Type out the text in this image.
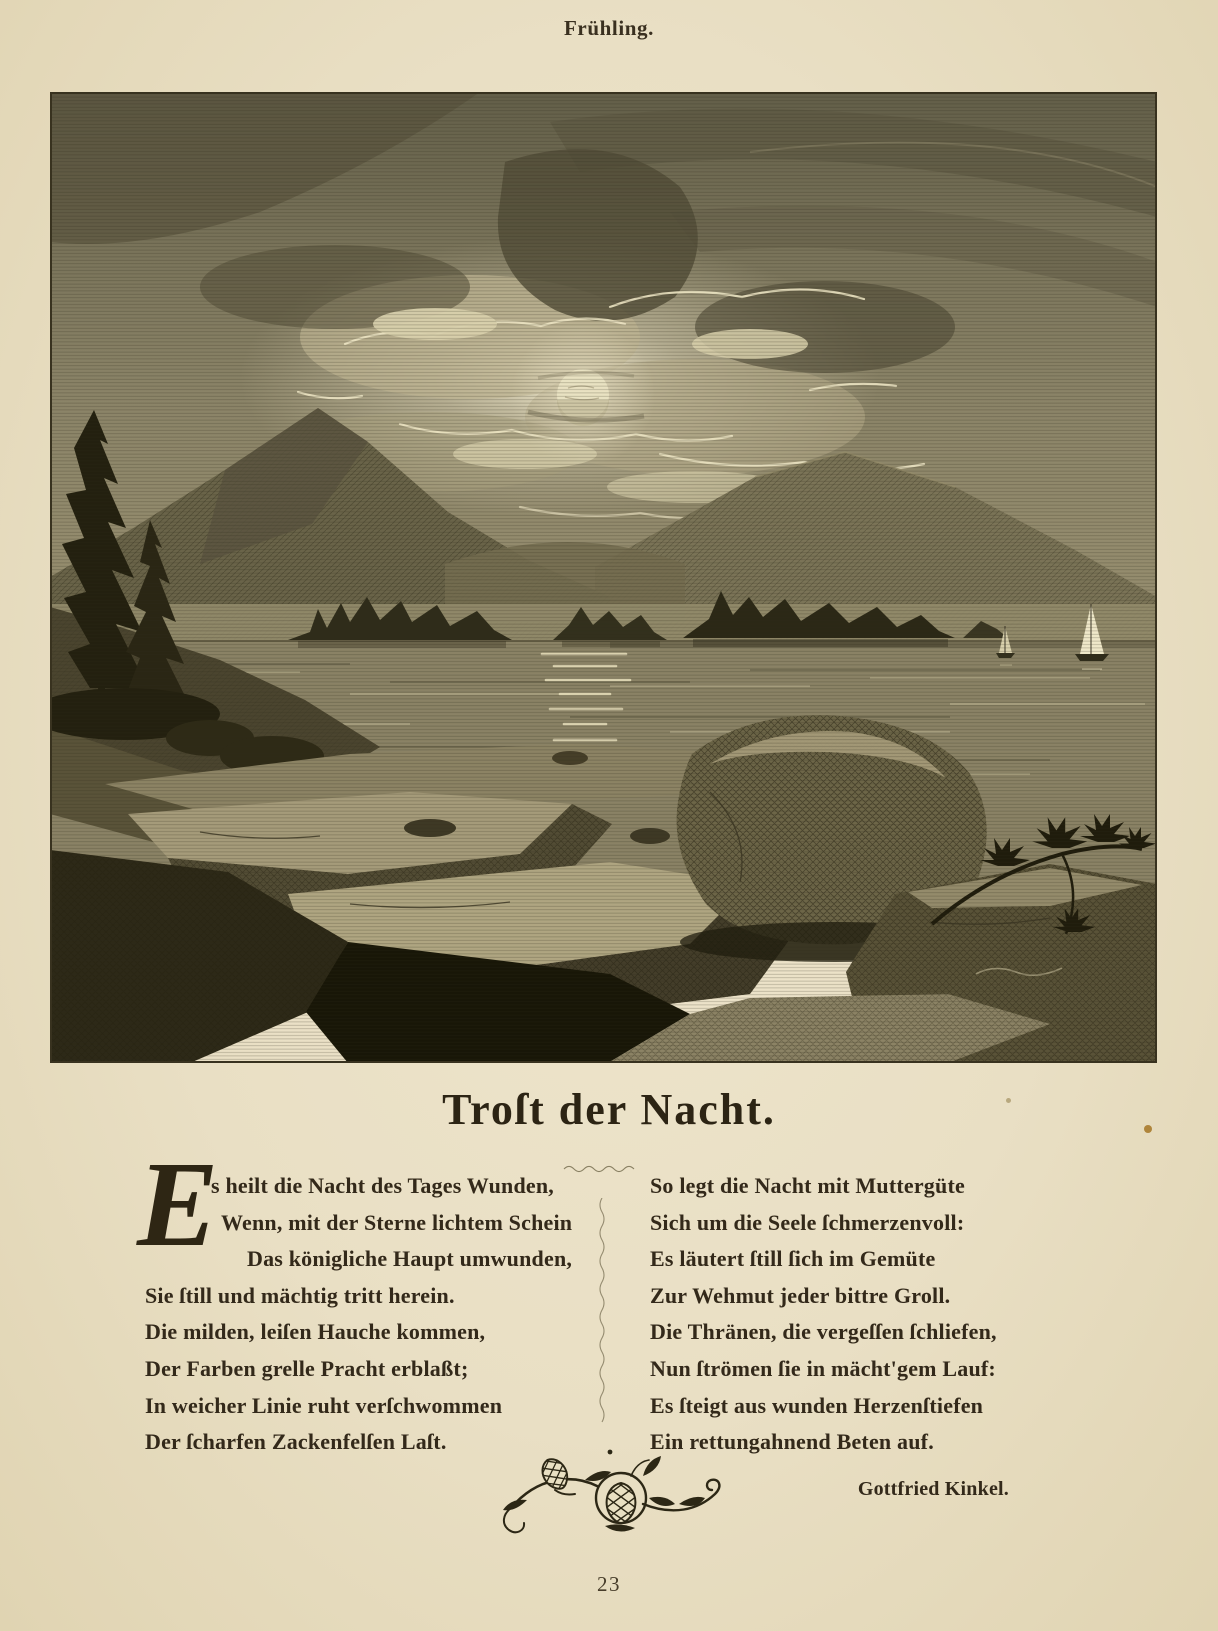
Frühling.
Troſt der Nacht.
E
s heilt die Nacht des Tages Wunden,
Wenn, mit der Sterne lichtem Schein
Das königliche Haupt umwunden,
Sie ſtill und mächtig tritt herein.
Die milden, leiſen Hauche kommen,
Der Farben grelle Pracht erblaßt;
In weicher Linie ruht verſchwommen
Der ſcharfen Zackenfelſen Laſt.
So legt die Nacht mit Muttergüte
Sich um die Seele ſchmerzenvoll:
Es läutert ſtill ſich im Gemüte
Zur Wehmut jeder bittre Groll.
Die Thränen, die vergeſſen ſchliefen,
Nun ſtrömen ſie in mächt'gem Lauf:
Es ſteigt aus wunden Herzenſtiefen
Ein rettungahnend Beten auf.
Gottfried Kinkel.
23
